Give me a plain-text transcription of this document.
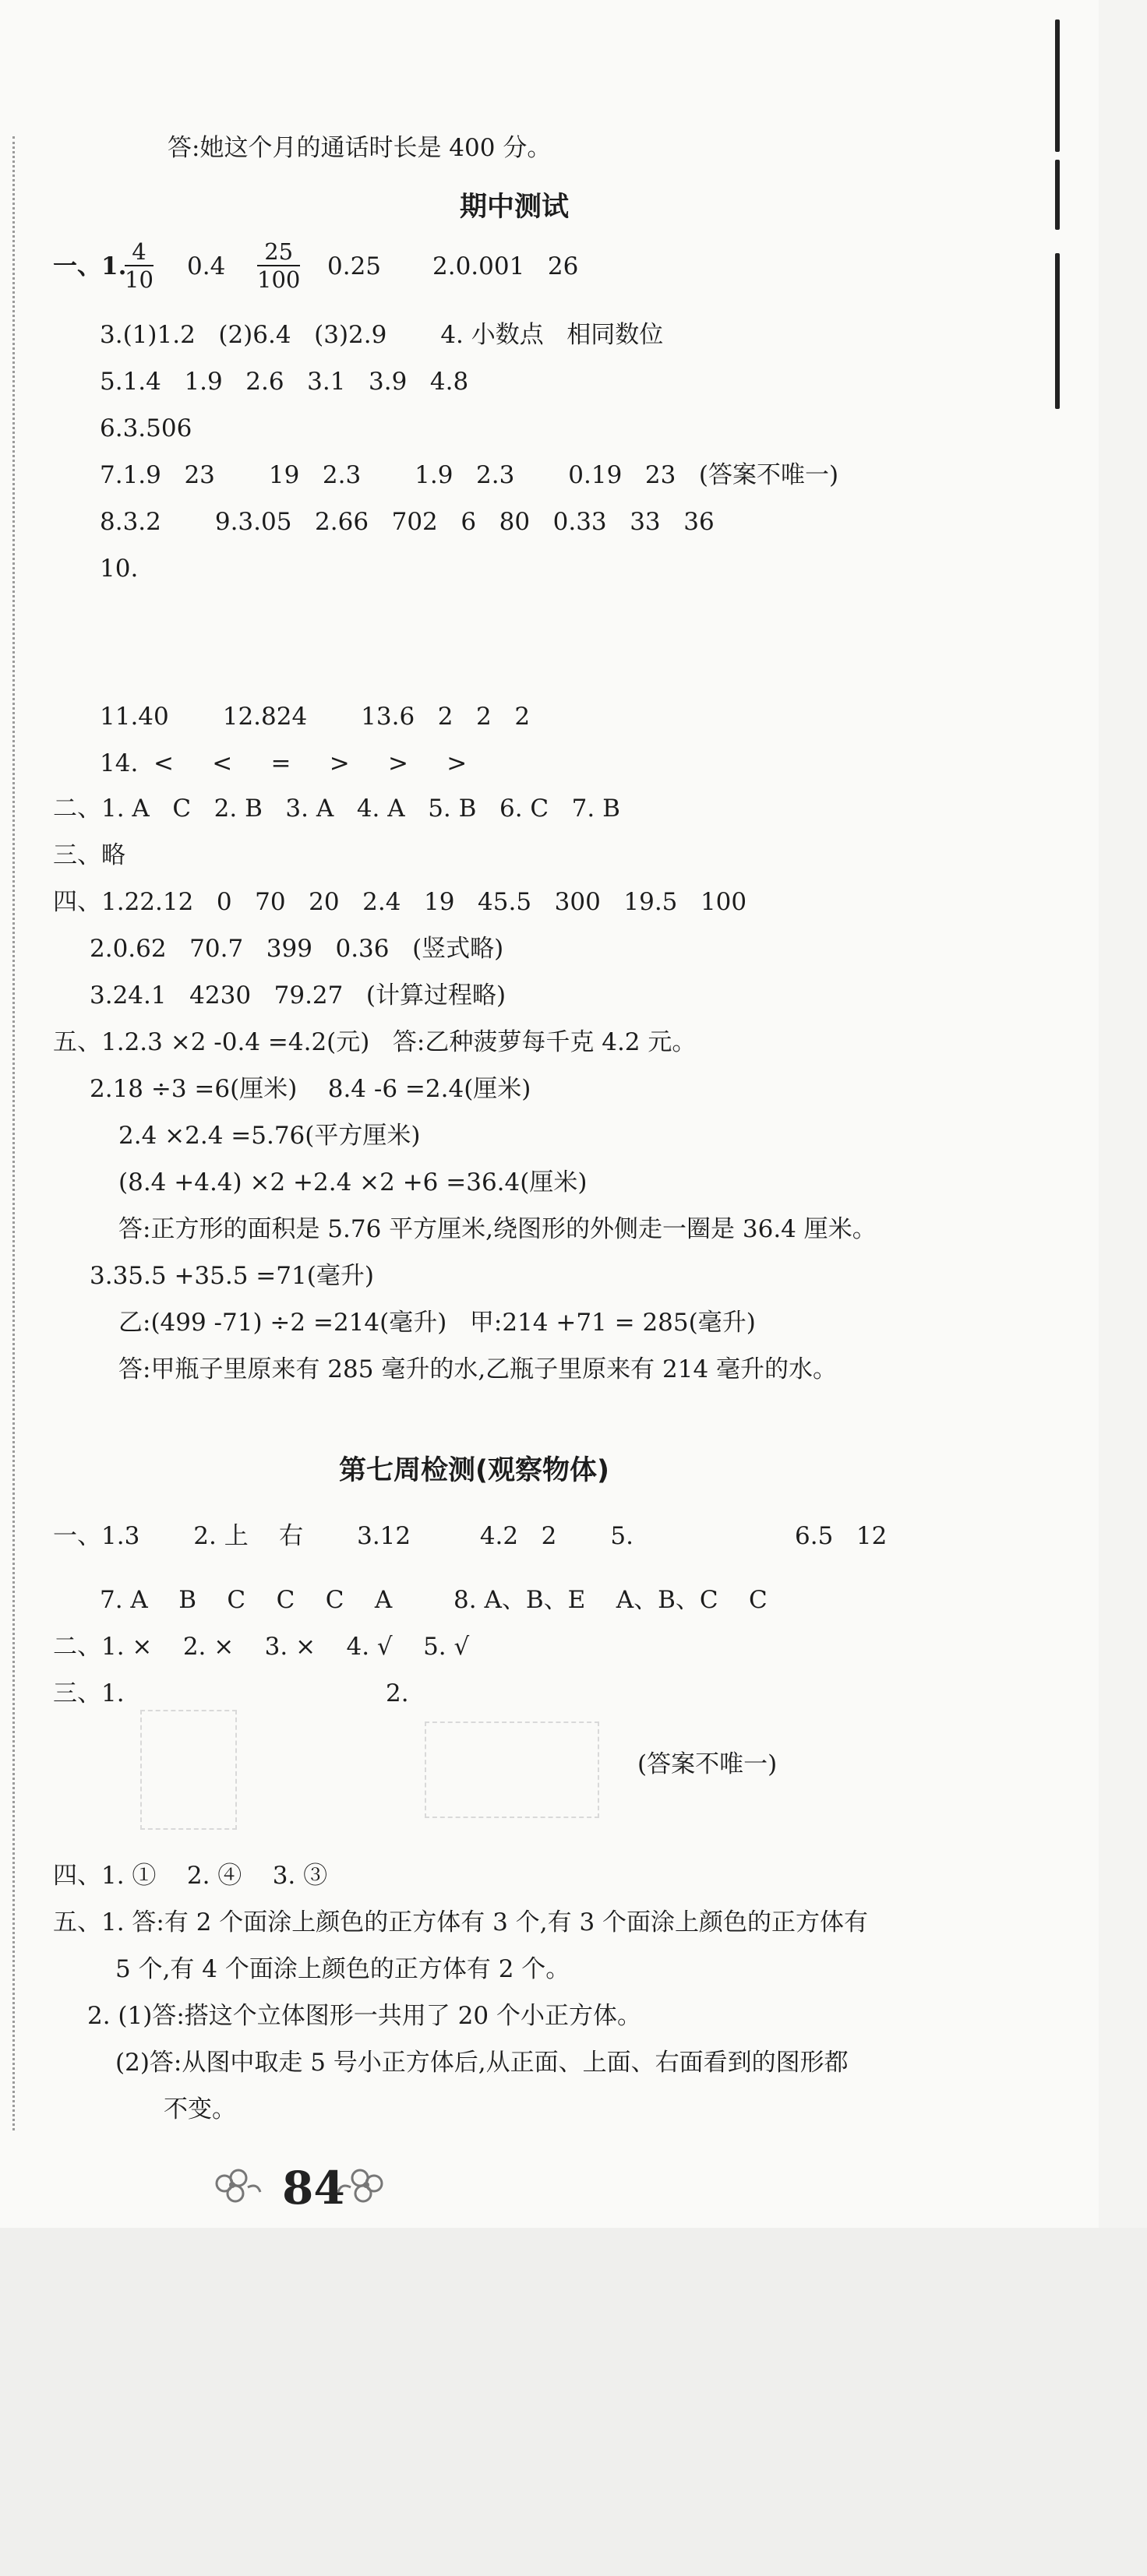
答:她这个月的通话时长是 400 分。
期中测试
一、1.
$\frac{4}{10} 0.4 \frac{25}{100} 0.25$ 2.0.001   26
3.(1)1.2   (2)6.4   (3)2.9       4. 小数点   相同数位
5.1.4   1.9   2.6   3.1   3.9   4.8
6.3.506
7.1.9   23       19   2.3       1.9   2.3       0.19   23   (答案不唯一)
8.3.2       9.3.05   2.66   702   6   80   0.33   33   36
10.
11.40       12.824       13.6   2   2   2
14.  <     <     =     >     >     >
二、1. A   C   2. B   3. A   4. A   5. B   6. C   7. B
三、略
四、1.22.12   0   70   20   2.4   19   45.5   300   19.5   100
2.0.62   70.7   399   0.36   (竖式略)
3.24.1   4230   79.27   (计算过程略)
五、1.2.3 ×2 -0.4 =4.2(元)   答:乙种菠萝每千克 4.2 元。
2.18 ÷3 =6(厘米)    8.4 -6 =2.4(厘米)
2.4 ×2.4 =5.76(平方厘米)
(8.4 +4.4) ×2 +2.4 ×2 +6 =36.4(厘米)
答:正方形的面积是 5.76 平方厘米,绕图形的外侧走一圈是 36.4 厘米。
3.35.5 +35.5 =71(毫升)
乙:(499 -71) ÷2 =214(毫升)   甲:214 +71 = 285(毫升)
答:甲瓶子里原来有 285 毫升的水,乙瓶子里原来有 214 毫升的水。
第七周检测(观察物体)
一、1.3       2. 上    右       3.12         4.2   2       5.	6.5   12
7. A    B    C    C    C    A        8. A、B、E    A、B、C    C
二、1. ×    2. ×    3. ×    4. √    5. √
三、1.	2.
(答案不唯一)
四、1. ①    2. ④    3. ③
五、1. 答:有 2 个面涂上颜色的正方体有 3 个,有 3 个面涂上颜色的正方体有
5 个,有 4 个面涂上颜色的正方体有 2 个。
2. (1)答:搭这个立体图形一共用了 20 个小正方体。
(2)答:从图中取走 5 号小正方体后,从正面、上面、右面看到的图形都
不变。
84
